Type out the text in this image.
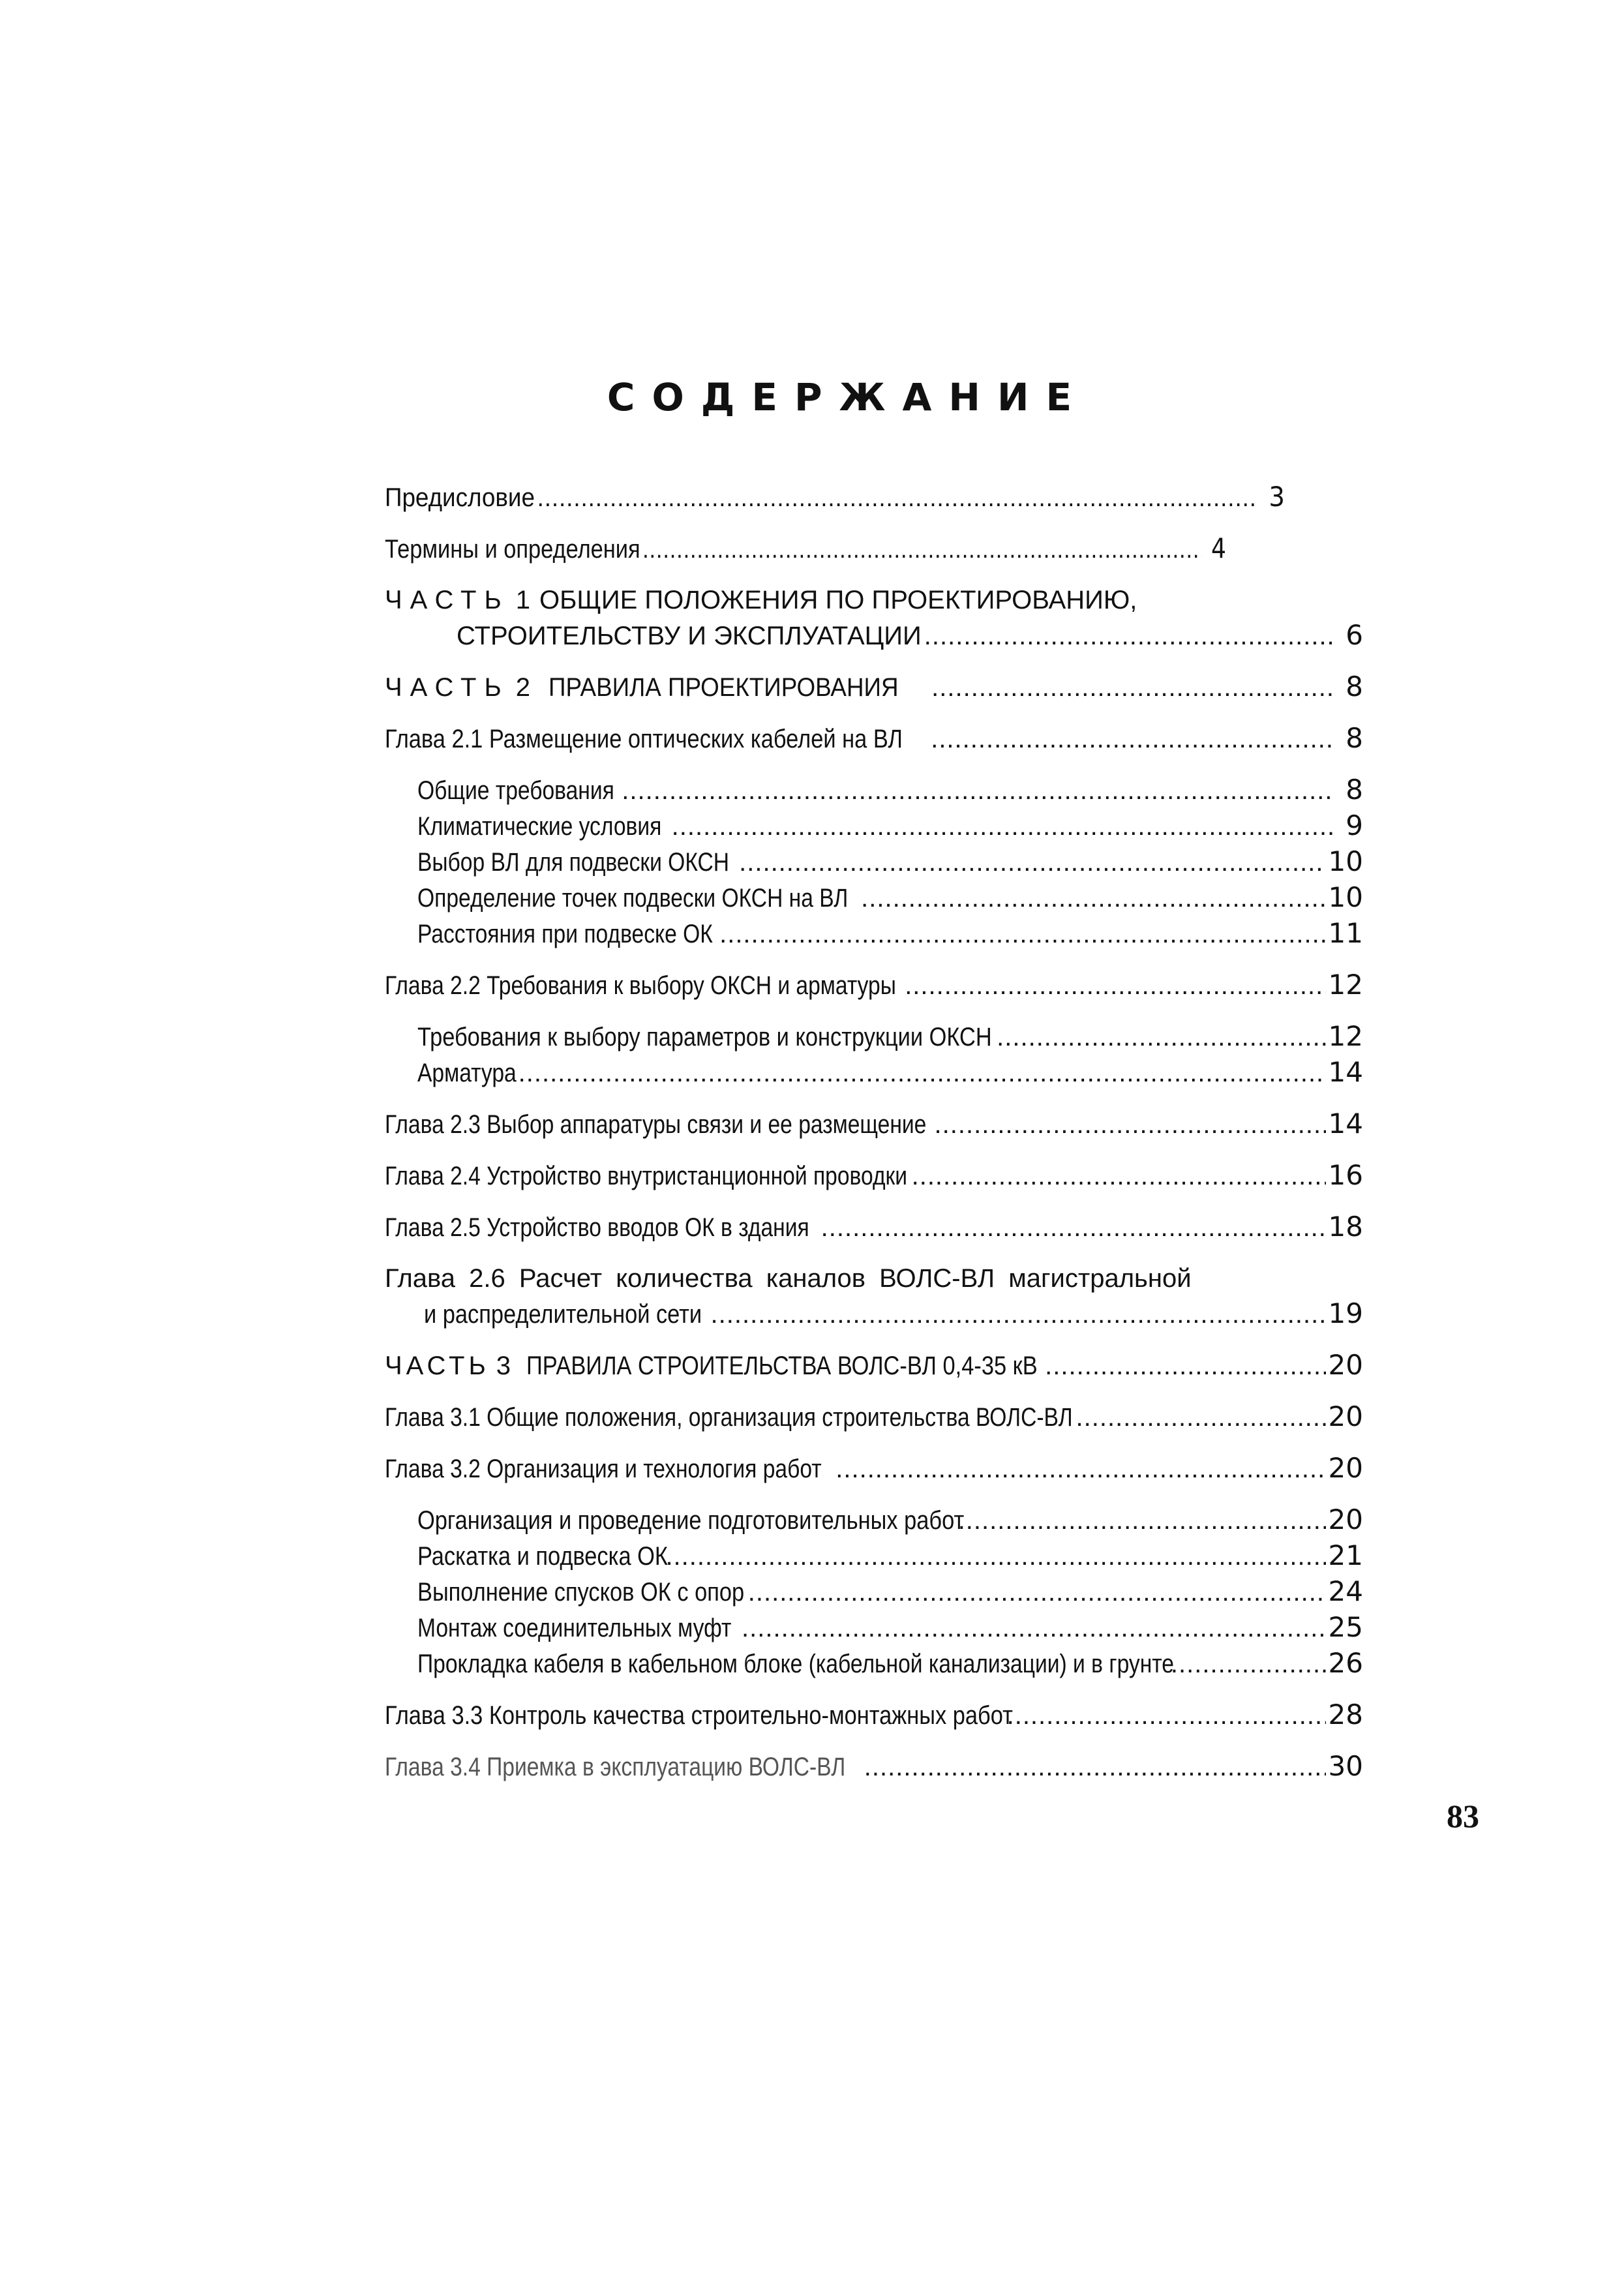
СОДЕРЖАНИЕ
Предисловие .....	3
Термины и определения .....	4
ЧАСТЬ 1 ОБЩИЕ ПОЛОЖЕНИЯ ПО ПРОЕКТИРОВАНИЮ,
СТРОИТЕЛЬСТВУ И ЭКСПЛУАТАЦИИ .....	6
ЧАСТЬ 2 ПРАВИЛА ПРОЕКТИРОВАНИЯ .....	8
Глава 2.1 Размещение оптических кабелей на ВЛ .....	8
Общие требования .....	8
Климатические условия .....	9
Выбор ВЛ для подвески ОКСН .....	10
Определение точек подвески ОКСН на ВЛ .....	10
Расстояния при подвеске ОК .....	11
Глава 2.2 Требования к выбору ОКСН и арматуры .....	12
Требования к выбору параметров и конструкции ОКСН .....	12
Арматура .....	14
Глава 2.3 Выбор аппаратуры связи и ее размещение .....	14
Глава 2.4 Устройство внутристанционной проводки .....	16
Глава 2.5 Устройство вводов ОК в здания .....	18
Глава 2.6 Расчет количества каналов ВОЛС-ВЛ магистральной
и распределительной сети .....	19
ЧАСТЬ 3 ПРАВИЛА СТРОИТЕЛЬСТВА ВОЛС-ВЛ 0,4-35 кВ .....	20
Глава 3.1 Общие положения, организация строительства ВОЛС-ВЛ .....	20
Глава 3.2 Организация и технология работ .....	20
Организация и проведение подготовительных работ .....	20
Раскатка и подвеска ОК .....	21
Выполнение спусков ОК с опор .....	24
Монтаж соединительных муфт .....	25
Прокладка кабеля в кабельном блоке (кабельной канализации) и в грунте .....	26
Глава 3.3 Контроль качества строительно-монтажных работ .....	28
Глава 3.4 Приемка в эксплуатацию ВОЛС-ВЛ .....	30
83
